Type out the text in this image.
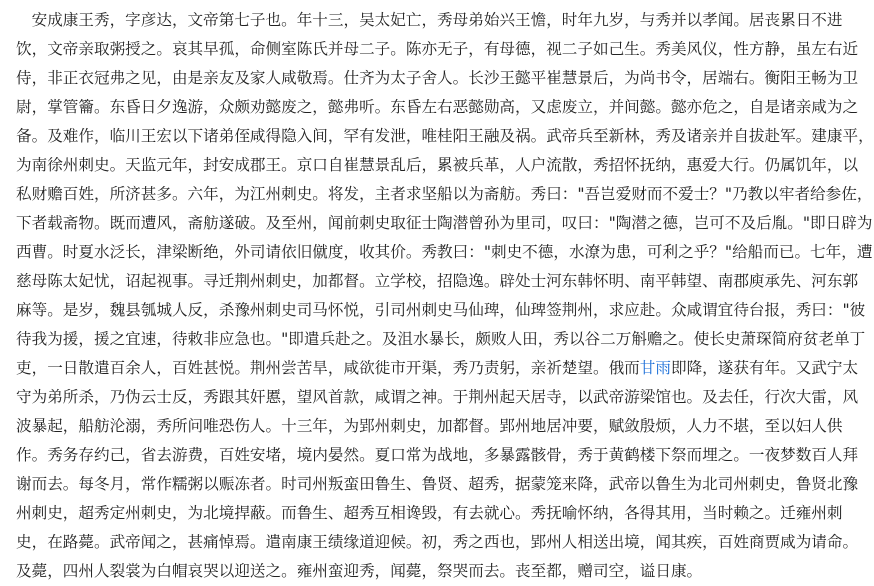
　安成康王秀，字彦达，文帝第七子也。年十三，吴太妃亡，秀母弟始兴王憺，时年九岁，与秀并以孝闻。居丧累日不进
饮，文帝亲取粥授之。哀其早孤，命侧室陈氏并母二子。陈亦无子，有母德，视二子如己生。秀美风仪，性方静，虽左右近
侍，非正衣冠弗之见，由是亲友及家人咸敬焉。仕齐为太子舍人。长沙王懿平崔慧景后，为尚书令，居端右。衡阳王畅为卫
尉，掌管籥。东昏日夕逸游，众颇劝懿废之，懿弗听。东昏左右恶懿勋高，又虑废立，并间懿。懿亦危之，自是诸亲咸为之
备。及难作，临川王宏以下诸弟侄咸得隐入间，罕有发泄，唯桂阳王融及祸。武帝兵至新林，秀及诸亲并自拔赴军。建康平，
为南徐州刺史。天监元年，封安成郡王。京口自崔慧景乱后，累被兵革，人户流散，秀招怀抚纳，惠爱大行。仍属饥年，以
私财赡百姓，所济甚多。六年，为江州刺史。将发，主者求坚船以为斋舫。秀曰："吾岂爱财而不爱士？"乃教以牢者给参佐，
下者载斋物。既而遭风，斋舫遂破。及至州，闻前刺史取征士陶潜曾孙为里司，叹曰："陶潜之德，岂可不及后胤。"即日辟为
西曹。时夏水泛长，津梁断绝，外司请依旧僦度，收其价。秀教曰："刺史不德，水潦为患，可利之乎？"给船而已。七年，遭
慈母陈太妃忧，诏起视事。寻迁荆州刺史，加都督。立学校，招隐逸。辟处士河东韩怀明、南平韩望、南郡庾承先、河东郭
麻等。是岁，魏县瓠城人反，杀豫州刺史司马怀悦，引司州刺史马仙琕，仙琕签荆州，求应赴。众咸谓宜待台报，秀曰："彼
待我为援，援之宜速，待敕非应急也。"即遣兵赴之。及沮水暴长，颇败人田，秀以谷二万斛赡之。使长史萧琛简府贫老单丁
吏，一日散遣百余人，百姓甚悦。荆州尝苦旱，咸欲徙市开渠，秀乃责躬，亲祈楚望。俄而甘雨即降，遂获有年。又武宁太
守为弟所杀，乃伪云士反，秀跟其奸慝，望风首款，咸谓之神。于荆州起天居寺，以武帝游梁馆也。及去任，行次大雷，风
波暴起，船舫沦溺，秀所问唯恐伤人。十三年，为郢州刺史，加都督。郢州地居冲要，赋敛殷烦，人力不堪，至以妇人供
作。秀务存约己，省去游费，百姓安堵，境内晏然。夏口常为战地，多暴露骸骨，秀于黄鹤楼下祭而埋之。一夜梦数百人拜
谢而去。每冬月，常作糯粥以赈冻者。时司州叛蛮田鲁生、鲁贤、超秀，据蒙笼来降，武帝以鲁生为北司州刺史，鲁贤北豫
州刺史，超秀定州刺史，为北境捍蔽。而鲁生、超秀互相谗毁，有去就心。秀抚喻怀纳，各得其用，当时赖之。迁雍州刺
史，在路薨。武帝闻之，甚痛悼焉。遣南康王绩缘道迎候。初，秀之西也，郢州人相送出境，闻其疾，百姓商贾咸为请命。
及薨，四州人裂裳为白帽哀哭以迎送之。雍州蛮迎秀，闻薨，祭哭而去。丧至都，赠司空，谥日康。
